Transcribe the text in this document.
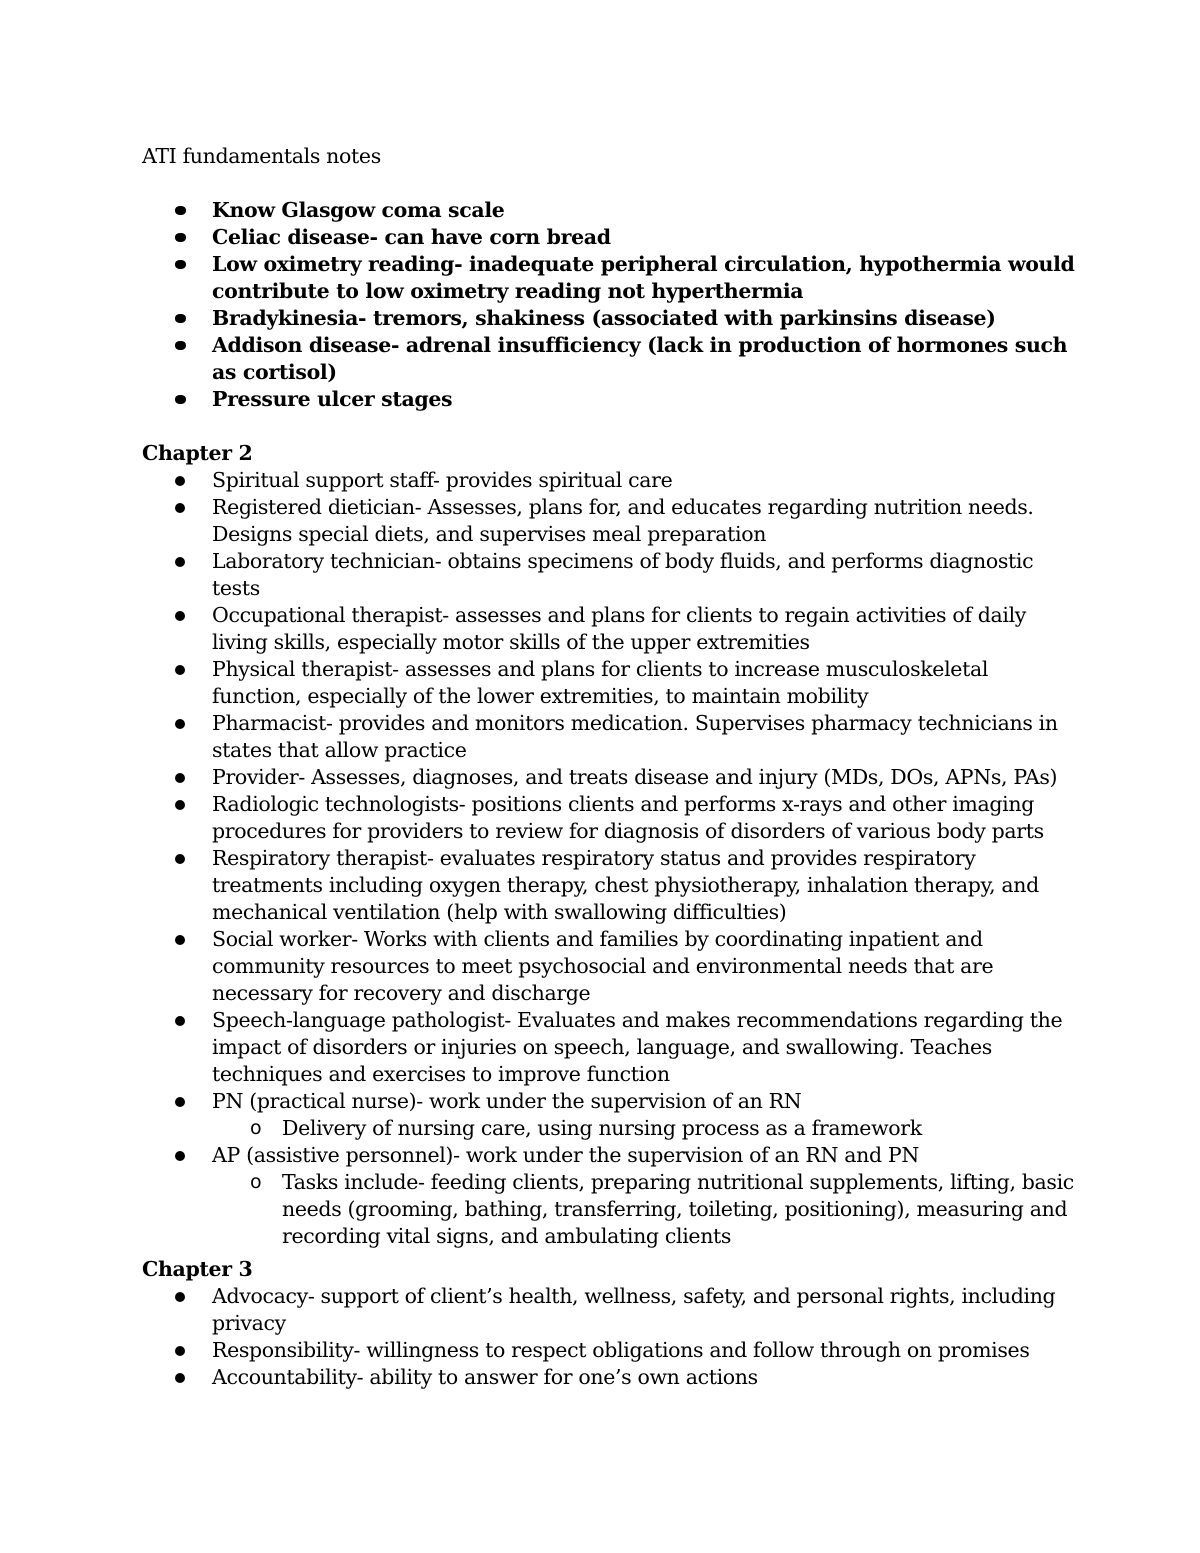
ATI fundamentals notes
Know Glasgow coma scale
Celiac disease- can have corn bread
Low oximetry reading- inadequate peripheral circulation, hypothermia would contribute to low oximetry reading not hyperthermia
Bradykinesia- tremors, shakiness (associated with parkinsins disease)
Addison disease- adrenal insufficiency (lack in production of hormones such as cortisol)
Pressure ulcer stages
Chapter 2
Spiritual support staff- provides spiritual care
Registered dietician- Assesses, plans for, and educates regarding nutrition needs. Designs special diets, and supervises meal preparation
Laboratory technician- obtains specimens of body fluids, and performs diagnostic tests
Occupational therapist- assesses and plans for clients to regain activities of daily living skills, especially motor skills of the upper extremities
Physical therapist- assesses and plans for clients to increase musculoskeletal function, especially of the lower extremities, to maintain mobility
Pharmacist- provides and monitors medication. Supervises pharmacy technicians in states that allow practice
Provider- Assesses, diagnoses, and treats disease and injury (MDs, DOs, APNs, PAs)
Radiologic technologists- positions clients and performs x-rays and other imaging procedures for providers to review for diagnosis of disorders of various body parts
Respiratory therapist- evaluates respiratory status and provides respiratory treatments including oxygen therapy, chest physiotherapy, inhalation therapy, and mechanical ventilation (help with swallowing difficulties)
Social worker- Works with clients and families by coordinating inpatient and community resources to meet psychosocial and environmental needs that are necessary for recovery and discharge
Speech-language pathologist- Evaluates and makes recommendations regarding the impact of disorders or injuries on speech, language, and swallowing. Teaches techniques and exercises to improve function
PN (practical nurse)- work under the supervision of an RN
o Delivery of nursing care, using nursing process as a framework
AP (assistive personnel)- work under the supervision of an RN and PN
o Tasks include- feeding clients, preparing nutritional supplements, lifting, basic needs (grooming, bathing, transferring, toileting, positioning), measuring and recording vital signs, and ambulating clients
Chapter 3
Advocacy- support of client’s health, wellness, safety, and personal rights, including privacy
Responsibility- willingness to respect obligations and follow through on promises
Accountability- ability to answer for one’s own actions
